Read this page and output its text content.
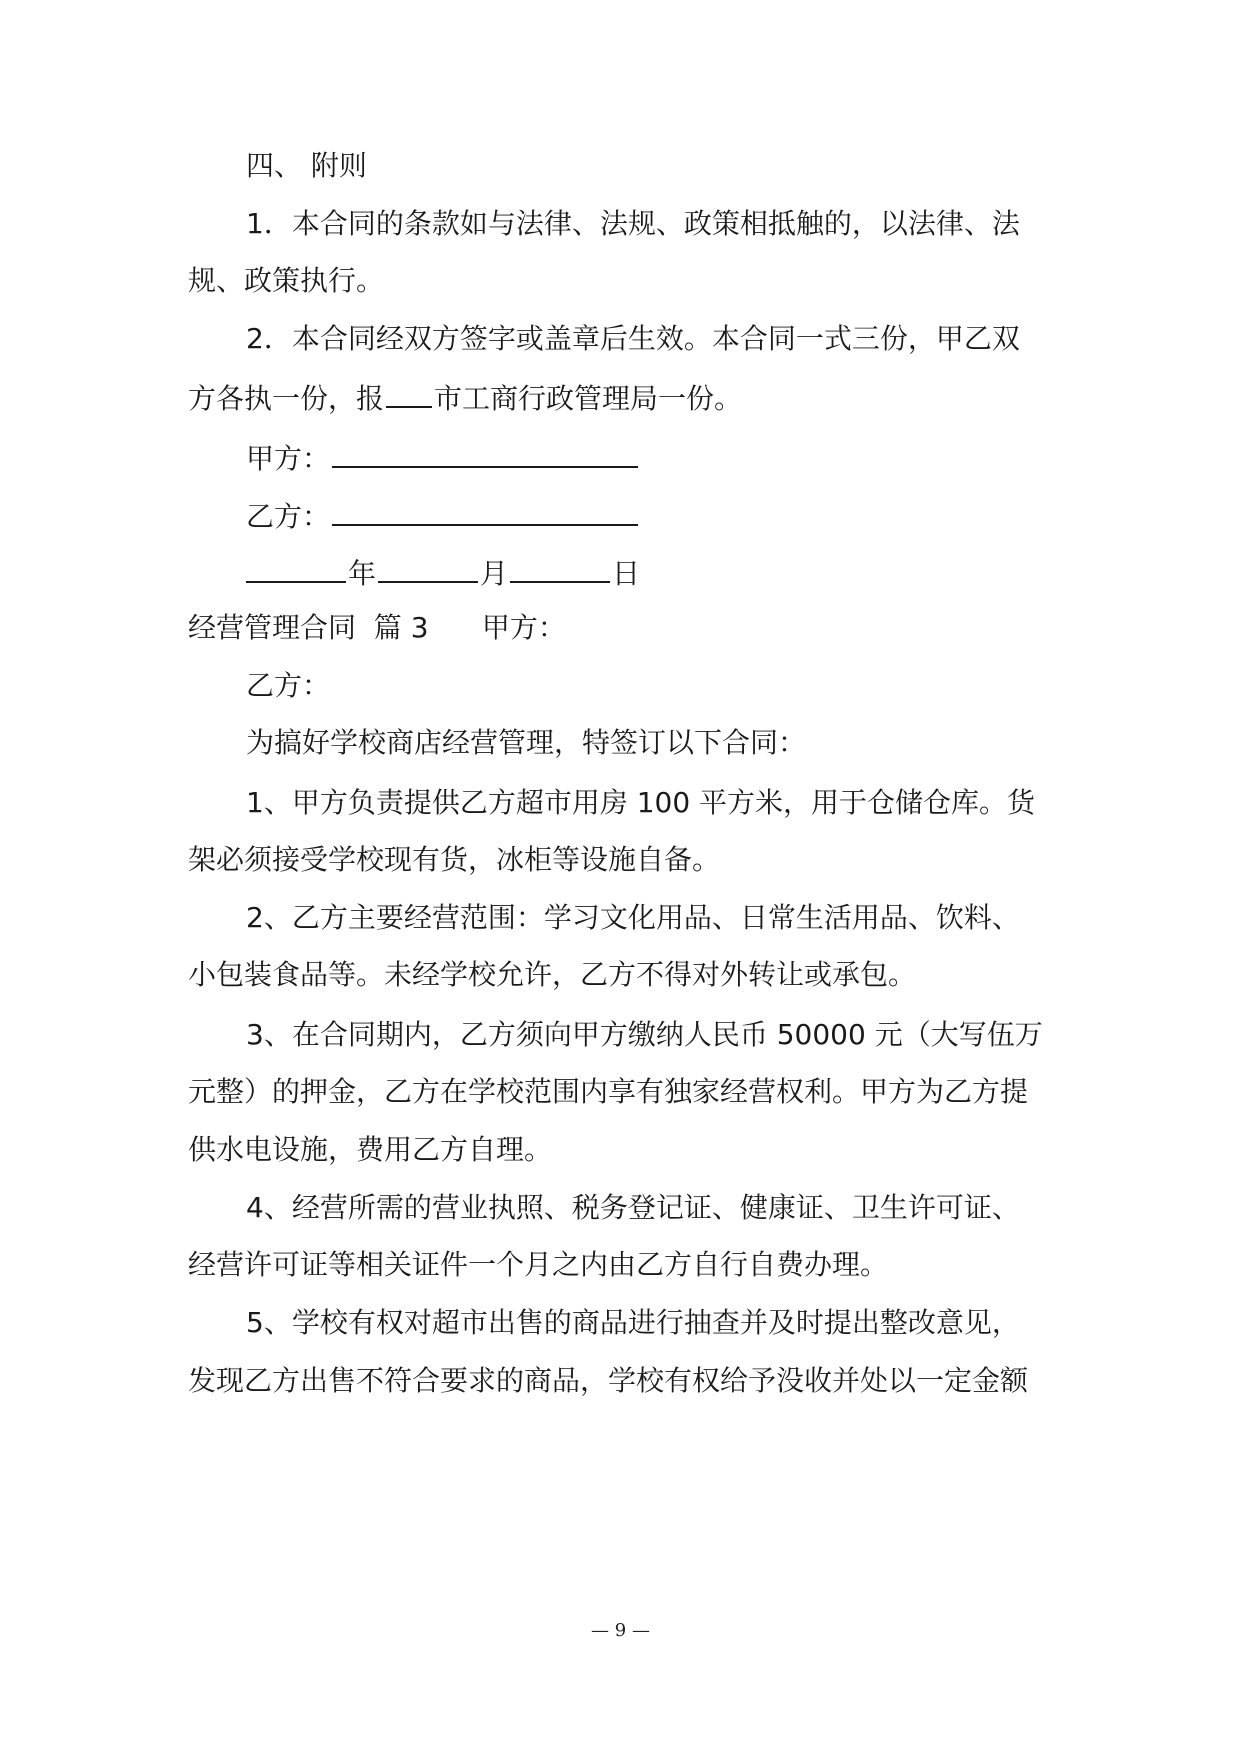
四、 附则
1．本合同的条款如与法律、法规、政策相抵触的，以法律、法
规、政策执行。
2．本合同经双方签字或盖章后生效。本合同一式三份，甲乙双
方各执一份，报 市工商行政管理局一份。
甲方：
乙方：
年	月	日
经营管理合同  篇 3      甲方：
乙方：
为搞好学校商店经营管理，特签订以下合同：
1、甲方负责提供乙方超市用房 100 平方米，用于仓储仓库。货
架必须接受学校现有货，冰柜等设施自备。
2、乙方主要经营范围：学习文化用品、日常生活用品、饮料、
小包装食品等。未经学校允许，乙方不得对外转让或承包。
3、在合同期内，乙方须向甲方缴纳人民币 50000 元（大写伍万
元整）的押金，乙方在学校范围内享有独家经营权利。甲方为乙方提
供水电设施，费用乙方自理。
4、经营所需的营业执照、税务登记证、健康证、卫生许可证、
经营许可证等相关证件一个月之内由乙方自行自费办理。
5、学校有权对超市出售的商品进行抽查并及时提出整改意见，
发现乙方出售不符合要求的商品，学校有权给予没收并处以一定金额
— 9 —
